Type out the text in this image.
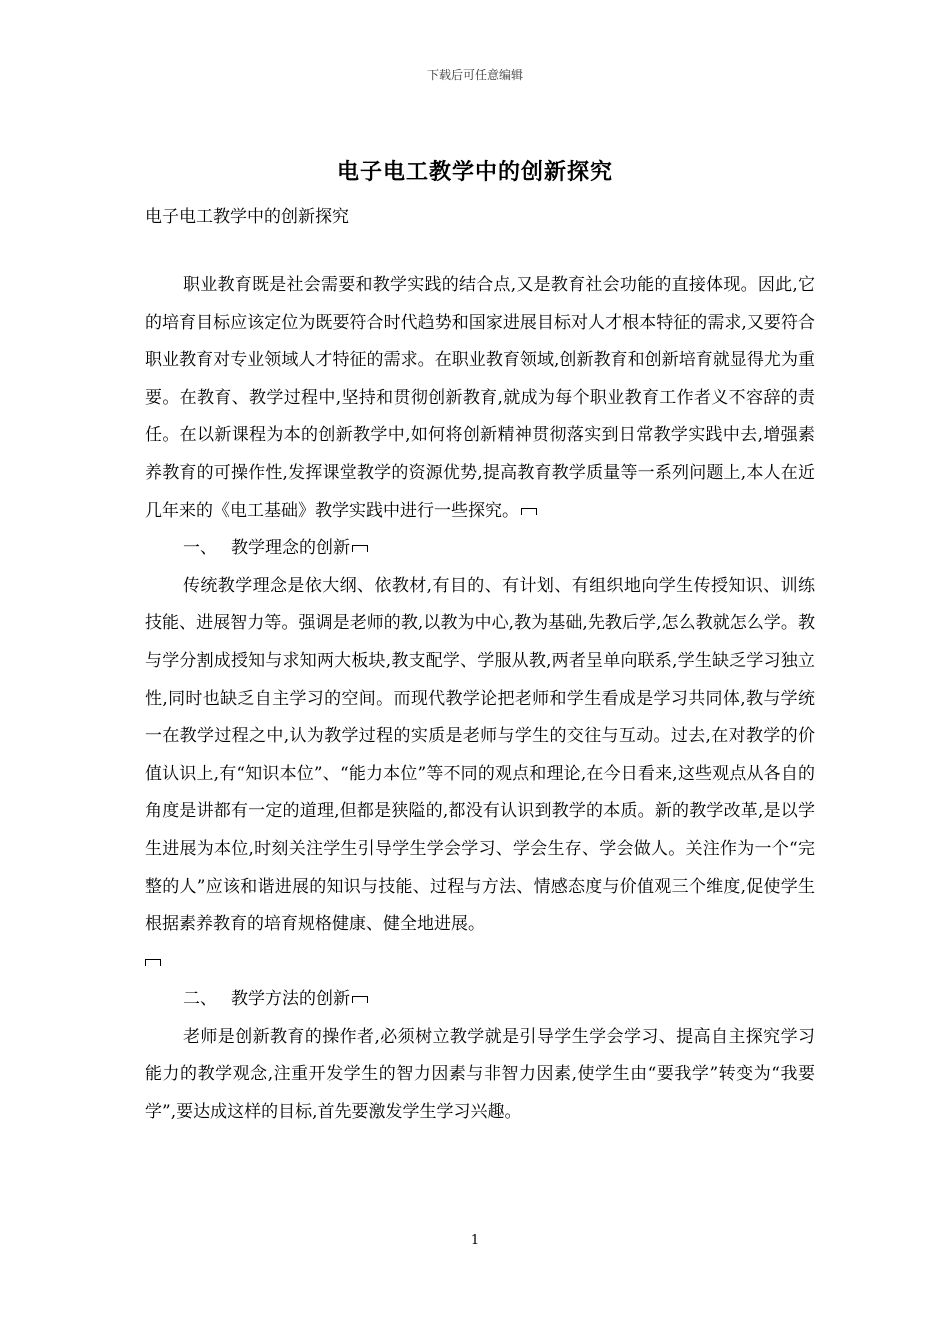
下载后可任意编辑
电子电工教学中的创新探究
电子电工教学中的创新探究

职业教育既是社会需要和教学实践的结合点,又是教育社会功能的直接体现。因此,它的培育目标应该定位为既要符合时代趋势和国家进展目标对人才根本特征的需求,又要符合职业教育对专业领域人才特征的需求。在职业教育领域,创新教育和创新培育就显得尤为重要。在教育、教学过程中,坚持和贯彻创新教育,就成为每个职业教育工作者义不容辞的责任。在以新课程为本的创新教学中,如何将创新精神贯彻落实到日常教学实践中去,增强素养教育的可操作性,发挥课堂教学的资源优势,提高教育教学质量等一系列问题上,本人在近几年来的《电工基础》教学实践中进行一些探究。

一、 教学理念的创新

传统教学理念是依大纲、依教材,有目的、有计划、有组织地向学生传授知识、训练技能、进展智力等。强调是老师的教,以教为中心,教为基础,先教后学,怎么教就怎么学。教与学分割成授知与求知两大板块,教支配学、学服从教,两者呈单向联系,学生缺乏学习独立性,同时也缺乏自主学习的空间。而现代教学论把老师和学生看成是学习共同体,教与学统一在教学过程之中,认为教学过程的实质是老师与学生的交往与互动。过去,在对教学的价值认识上,有“知识本位”、“能力本位”等不同的观点和理论,在今日看来,这些观点从各自的角度是讲都有一定的道理,但都是狭隘的,都没有认识到教学的本质。新的教学改革,是以学生进展为本位,时刻关注学生引导学生学会学习、学会生存、学会做人。关注作为一个“完整的人”应该和谐进展的知识与技能、过程与方法、情感态度与价值观三个维度,促使学生根据素养教育的培育规格健康、健全地进展。

二、 教学方法的创新

老师是创新教育的操作者,必须树立教学就是引导学生学会学习、提高自主探究学习能力的教学观念,注重开发学生的智力因素与非智力因素,使学生由“要我学”转变为“我要学”,要达成这样的目标,首先要激发学生学习兴趣。

1
